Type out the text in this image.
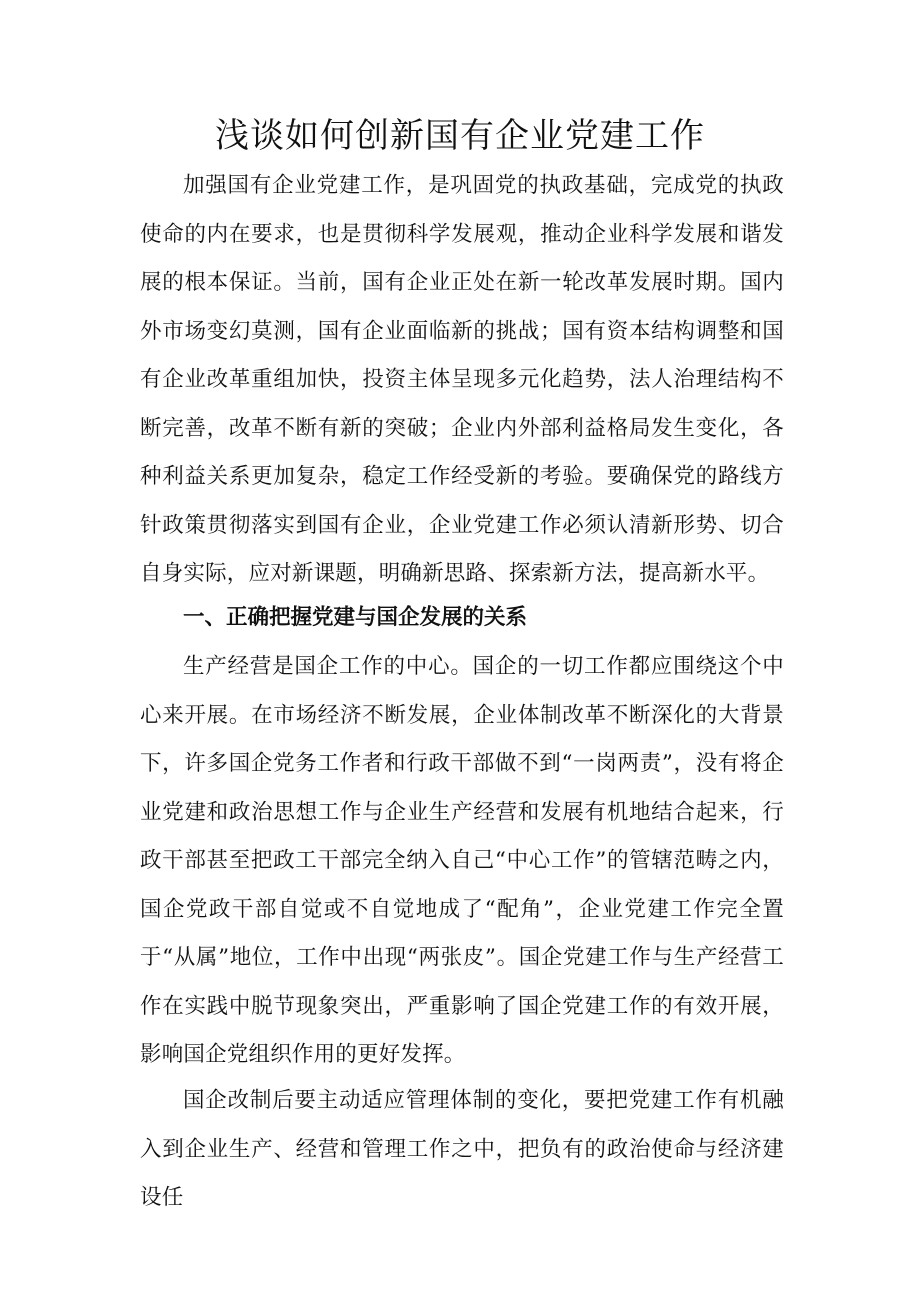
浅谈如何创新国有企业党建工作

加强国有企业党建工作，是巩固党的执政基础，完成党的执政使命的内在要求，也是贯彻科学发展观，推动企业科学发展和谐发展的根本保证。当前，国有企业正处在新一轮改革发展时期。国内外市场变幻莫测，国有企业面临新的挑战；国有资本结构调整和国有企业改革重组加快，投资主体呈现多元化趋势，法人治理结构不断完善，改革不断有新的突破；企业内外部利益格局发生变化，各种利益关系更加复杂，稳定工作经受新的考验。要确保党的路线方针政策贯彻落实到国有企业，企业党建工作必须认清新形势、切合自身实际，应对新课题，明确新思路、探索新方法，提高新水平。

一、正确把握党建与国企发展的关系

生产经营是国企工作的中心。国企的一切工作都应围绕这个中心来开展。在市场经济不断发展，企业体制改革不断深化的大背景下，许多国企党务工作者和行政干部做不到“一岗两责”，没有将企业党建和政治思想工作与企业生产经营和发展有机地结合起来，行政干部甚至把政工干部完全纳入自己“中心工作”的管辖范畴之内，国企党政干部自觉或不自觉地成了“配角”，企业党建工作完全置于“从属”地位，工作中出现“两张皮”。国企党建工作与生产经营工作在实践中脱节现象突出，严重影响了国企党建工作的有效开展，影响国企党组织作用的更好发挥。

国企改制后要主动适应管理体制的变化，要把党建工作有机融入到企业生产、经营和管理工作之中，把负有的政治使命与经济建设任
